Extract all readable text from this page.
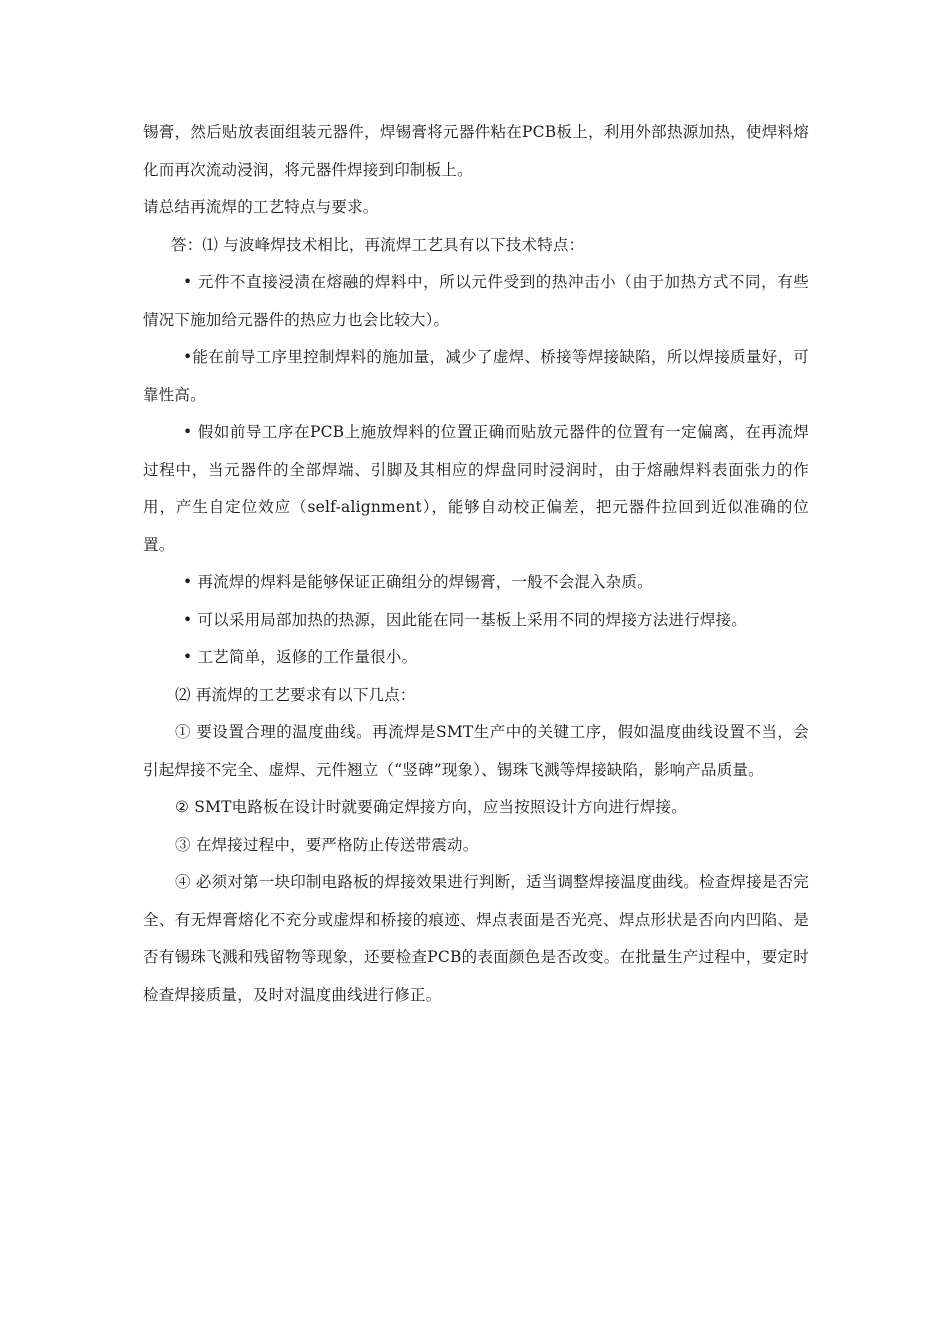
锡膏，然后贴放表面组装元器件，焊锡膏将元器件粘在PCB板上，利用外部热源加热，使焊料熔化而再次流动浸润，将元器件焊接到印制板上。

请总结再流焊的工艺特点与要求。

答：⑴ 与波峰焊技术相比，再流焊工艺具有以下技术特点：

• 元件不直接浸渍在熔融的焊料中，所以元件受到的热冲击小（由于加热方式不同，有些情况下施加给元器件的热应力也会比较大）。

•能在前导工序里控制焊料的施加量，减少了虚焊、桥接等焊接缺陷，所以焊接质量好，可靠性高。

• 假如前导工序在PCB上施放焊料的位置正确而贴放元器件的位置有一定偏离，在再流焊过程中，当元器件的全部焊端、引脚及其相应的焊盘同时浸润时，由于熔融焊料表面张力的作用，产生自定位效应（self-alignment），能够自动校正偏差，把元器件拉回到近似准确的位置。

• 再流焊的焊料是能够保证正确组分的焊锡膏，一般不会混入杂质。

• 可以采用局部加热的热源，因此能在同一基板上采用不同的焊接方法进行焊接。

• 工艺简单，返修的工作量很小。

⑵ 再流焊的工艺要求有以下几点：

① 要设置合理的温度曲线。再流焊是SMT生产中的关键工序，假如温度曲线设置不当，会引起焊接不完全、虚焊、元件翘立（“竖碑”现象）、锡珠飞溅等焊接缺陷，影响产品质量。

② SMT电路板在设计时就要确定焊接方向，应当按照设计方向进行焊接。

③ 在焊接过程中，要严格防止传送带震动。

④ 必须对第一块印制电路板的焊接效果进行判断，适当调整焊接温度曲线。检查焊接是否完全、有无焊膏熔化不充分或虚焊和桥接的痕迹、焊点表面是否光亮、焊点形状是否向内凹陷、是否有锡珠飞溅和残留物等现象，还要检查PCB的表面颜色是否改变。在批量生产过程中，要定时检查焊接质量，及时对温度曲线进行修正。
